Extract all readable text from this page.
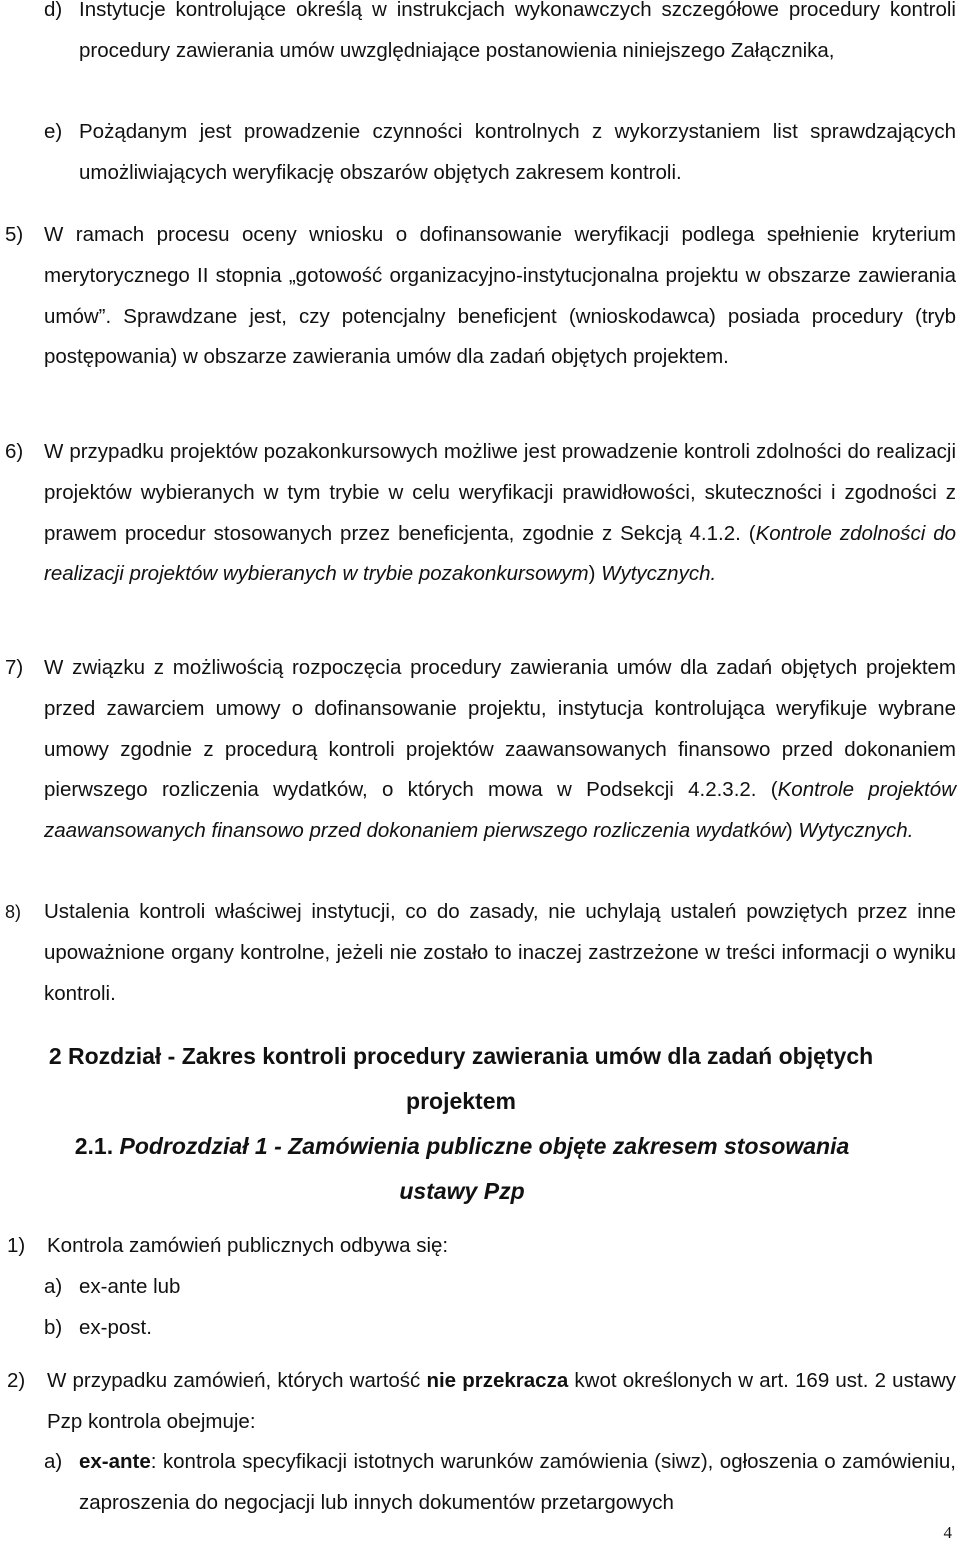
d) Instytucje kontrolujące określą w instrukcjach wykonawczych szczegółowe procedury kontroli procedury zawierania umów uwzględniające postanowienia niniejszego Załącznika,
e) Pożądanym jest prowadzenie czynności kontrolnych z wykorzystaniem list sprawdzających umożliwiających weryfikację obszarów objętych zakresem kontroli.
5)	W ramach procesu oceny wniosku o dofinansowanie weryfikacji podlega spełnienie kryterium merytorycznego II stopnia „gotowość organizacyjno-instytucjonalna projektu w obszarze zawierania umów”. Sprawdzane jest, czy potencjalny beneficjent (wnioskodawca) posiada procedury (tryb postępowania) w obszarze zawierania umów dla zadań objętych projektem.
6)	W przypadku projektów pozakonkursowych możliwe jest prowadzenie kontroli zdolności do realizacji projektów wybieranych w tym trybie w celu weryfikacji prawidłowości, skuteczności i zgodności z prawem procedur stosowanych przez beneficjenta, zgodnie z Sekcją 4.1.2. (Kontrole zdolności do realizacji projektów wybieranych w trybie pozakonkursowym) Wytycznych.
7)	W związku z możliwością rozpoczęcia procedury zawierania umów dla zadań objętych projektem przed zawarciem umowy o dofinansowanie projektu, instytucja kontrolująca weryfikuje wybrane umowy zgodnie z procedurą kontroli projektów zaawansowanych finansowo przed dokonaniem pierwszego rozliczenia wydatków, o których mowa w Podsekcji 4.2.3.2. (Kontrole projektów zaawansowanych finansowo przed dokonaniem pierwszego rozliczenia wydatków) Wytycznych.
8)	Ustalenia kontroli właściwej instytucji, co do zasady, nie uchylają ustaleń powziętych przez inne upoważnione organy kontrolne, jeżeli nie zostało to inaczej zastrzeżone w treści informacji o wyniku kontroli.
2 Rozdział - Zakres kontroli procedury zawierania umów dla zadań objętych
projektem
2.1. Podrozdział 1 - Zamówienia publiczne objęte zakresem stosowania
ustawy Pzp
1)	Kontrola zamówień publicznych odbywa się:
a) ex-ante lub
b) ex-post.
2)	W przypadku zamówień, których wartość nie przekracza kwot określonych w art. 169 ust. 2 ustawy Pzp kontrola obejmuje:
a) ex-ante: kontrola specyfikacji istotnych warunków zamówienia (siwz), ogłoszenia o zamówieniu, zaproszenia do negocjacji lub innych dokumentów przetargowych
4
